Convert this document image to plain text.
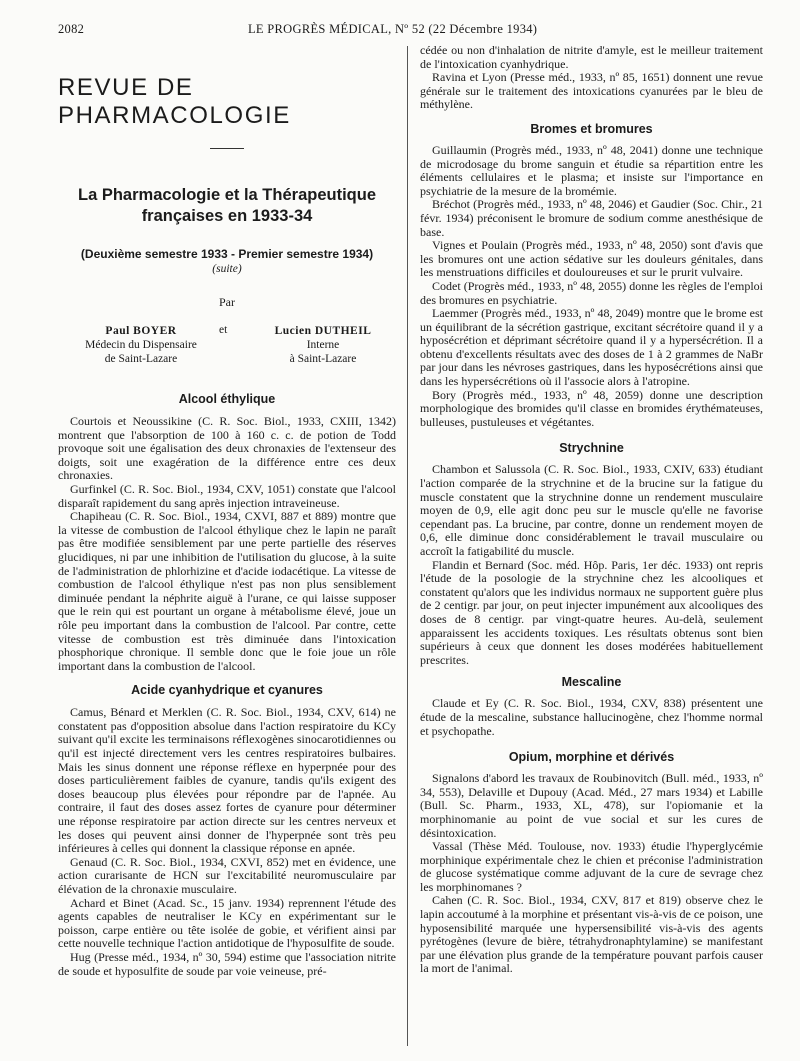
2082	LE PROGRÈS MÉDICAL, Nº 52 (22 Décembre 1934)
REVUE DE PHARMACOLOGIE
La Pharmacologie et la Thérapeutique
françaises en 1933-34
(Deuxième semestre 1933 - Premier semestre 1934)
(suite)
Par
Paul BOYER
Médecin du Dispensaire
de Saint-Lazare
et	Lucien DUTHEIL
Interne
à Saint-Lazare
Alcool éthylique

Courtois et Neoussikine (C. R. Soc. Biol., 1933, CXIII, 1342) montrent que l'absorption de 100 à 160 c. c. de potion de Todd provoque soit une égalisation des deux chronaxies de l'extenseur des doigts, soit une exagération de la différence entre ces deux chronaxies.

Gurfinkel (C. R. Soc. Biol., 1934, CXV, 1051) constate que l'alcool disparaît rapidement du sang après injection intraveineuse.

Chapiheau (C. R. Soc. Biol., 1934, CXVI, 887 et 889) montre que la vitesse de combustion de l'alcool éthylique chez le lapin ne paraît pas être modifiée sensiblement par une perte partielle des réserves glucidiques, ni par une inhibition de l'utilisation du glucose, à la suite de l'administration de phlorhizine et d'acide iodacétique. La vitesse de combustion de l'alcool éthylique n'est pas non plus sensiblement diminuée pendant la néphrite aiguë à l'urane, ce qui laisse supposer que le rein qui est pourtant un organe à métabolisme élevé, joue un rôle peu important dans la combustion de l'alcool. Par contre, cette vitesse de combustion est très diminuée dans l'intoxication phosphorique chronique. Il semble donc que le foie joue un rôle important dans la combustion de l'alcool.

Acide cyanhydrique et cyanures

Camus, Bénard et Merklen (C. R. Soc. Biol., 1934, CXV, 614) ne constatent pas d'opposition absolue dans l'action respiratoire du KCy suivant qu'il excite les terminaisons réflexogènes sinocarotidiennes ou qu'il est injecté directement vers les centres respiratoires bulbaires. Mais les sinus donnent une réponse réflexe en hyperpnée pour des doses particulièrement faibles de cyanure, tandis qu'ils exigent des doses beaucoup plus élevées pour répondre par de l'apnée. Au contraire, il faut des doses assez fortes de cyanure pour déterminer une réponse respiratoire par action directe sur les centres nerveux et les doses qui peuvent ainsi donner de l'hyperpnée sont très peu inférieures à celles qui donnent la classique réponse en apnée.

Genaud (C. R. Soc. Biol., 1934, CXVI, 852) met en évidence, une action curarisante de HCN sur l'excitabilité neuromusculaire par élévation de la chronaxie musculaire.

Achard et Binet (Acad. Sc., 15 janv. 1934) reprennent l'étude des agents capables de neutraliser le KCy en expérimentant sur le poisson, carpe entière ou tête isolée de gobie, et vérifient ainsi par cette nouvelle technique l'action antidotique de l'hyposulfite de soude.

Hug (Presse méd., 1934, nº 30, 594) estime que l'association nitrite de soude et hyposulfite de soude par voie veineuse, pré-

cédée ou non d'inhalation de nitrite d'amyle, est le meilleur traitement de l'intoxication cyanhydrique.

Ravina et Lyon (Presse méd., 1933, nº 85, 1651) donnent une revue générale sur le traitement des intoxications cyanurées par le bleu de méthylène.

Bromes et bromures

Guillaumin (Progrès méd., 1933, nº 48, 2041) donne une technique de microdosage du brome sanguin et étudie sa répartition entre les éléments cellulaires et le plasma; et insiste sur l'importance en psychiatrie de la mesure de la bromémie.

Bréchot (Progrès méd., 1933, nº 48, 2046) et Gaudier (Soc. Chir., 21 févr. 1934) préconisent le bromure de sodium comme anesthésique de base.

Vignes et Poulain (Progrès méd., 1933, nº 48, 2050) sont d'avis que les bromures ont une action sédative sur les douleurs génitales, dans les menstruations difficiles et douloureuses et sur le prurit vulvaire.

Codet (Progrès méd., 1933, nº 48, 2055) donne les règles de l'emploi des bromures en psychiatrie.

Laemmer (Progrès méd., 1933, nº 48, 2049) montre que le brome est un équilibrant de la sécrétion gastrique, excitant sécrétoire quand il y a hyposécrétion et déprimant sécrétoire quand il y a hypersécrétion. Il a obtenu d'excellents résultats avec des doses de 1 à 2 grammes de NaBr par jour dans les névroses gastriques, dans les hyposécrétions ainsi que dans les hypersécrétions où il l'associe alors à l'atropine.

Bory (Progrès méd., 1933, nº 48, 2059) donne une description morphologique des bromides qu'il classe en bromides érythémateuses, bulleuses, pustuleuses et végétantes.

Strychnine

Chambon et Salussola (C. R. Soc. Biol., 1933, CXIV, 633) étudiant l'action comparée de la strychnine et de la brucine sur la fatigue du muscle constatent que la strychnine donne un rendement musculaire moyen de 0,9, elle agit donc peu sur le muscle qu'elle ne favorise cependant pas. La brucine, par contre, donne un rendement moyen de 0,6, elle diminue donc considérablement le travail musculaire ou accroît la fatigabilité du muscle.

Flandin et Bernard (Soc. méd. Hôp. Paris, 1er déc. 1933) ont repris l'étude de la posologie de la strychnine chez les alcooliques et constatent qu'alors que les individus normaux ne supportent guère plus de 2 centigr. par jour, on peut injecter impunément aux alcooliques des doses de 8 centigr. par vingt-quatre heures. Au-delà, seulement apparaissent les accidents toxiques. Les résultats obtenus sont bien supérieurs à ceux que donnent les doses modérées habituellement prescrites.

Mescaline

Claude et Ey (C. R. Soc. Biol., 1934, CXV, 838) présentent une étude de la mescaline, substance hallucinogène, chez l'homme normal et psychopathe.

Opium, morphine et dérivés

Signalons d'abord les travaux de Roubinovitch (Bull. méd., 1933, nº 34, 553), Delaville et Dupouy (Acad. Méd., 27 mars 1934) et Labille (Bull. Sc. Pharm., 1933, XL, 478), sur l'opiomanie et la morphinomanie au point de vue social et sur les cures de désintoxication.

Vassal (Thèse Méd. Toulouse, nov. 1933) étudie l'hyperglycémie morphinique expérimentale chez le chien et préconise l'administration de glucose systématique comme adjuvant de la cure de sevrage chez les morphinomanes ?

Cahen (C. R. Soc. Biol., 1934, CXV, 817 et 819) observe chez le lapin accoutumé à la morphine et présentant vis-à-vis de ce poison, une hyposensibilité marquée une hypersensibilité vis-à-vis des agents pyrétogènes (levure de bière, tétrahydronaphtylamine) se manifestant par une élévation plus grande de la température pouvant parfois causer la mort de l'animal.
